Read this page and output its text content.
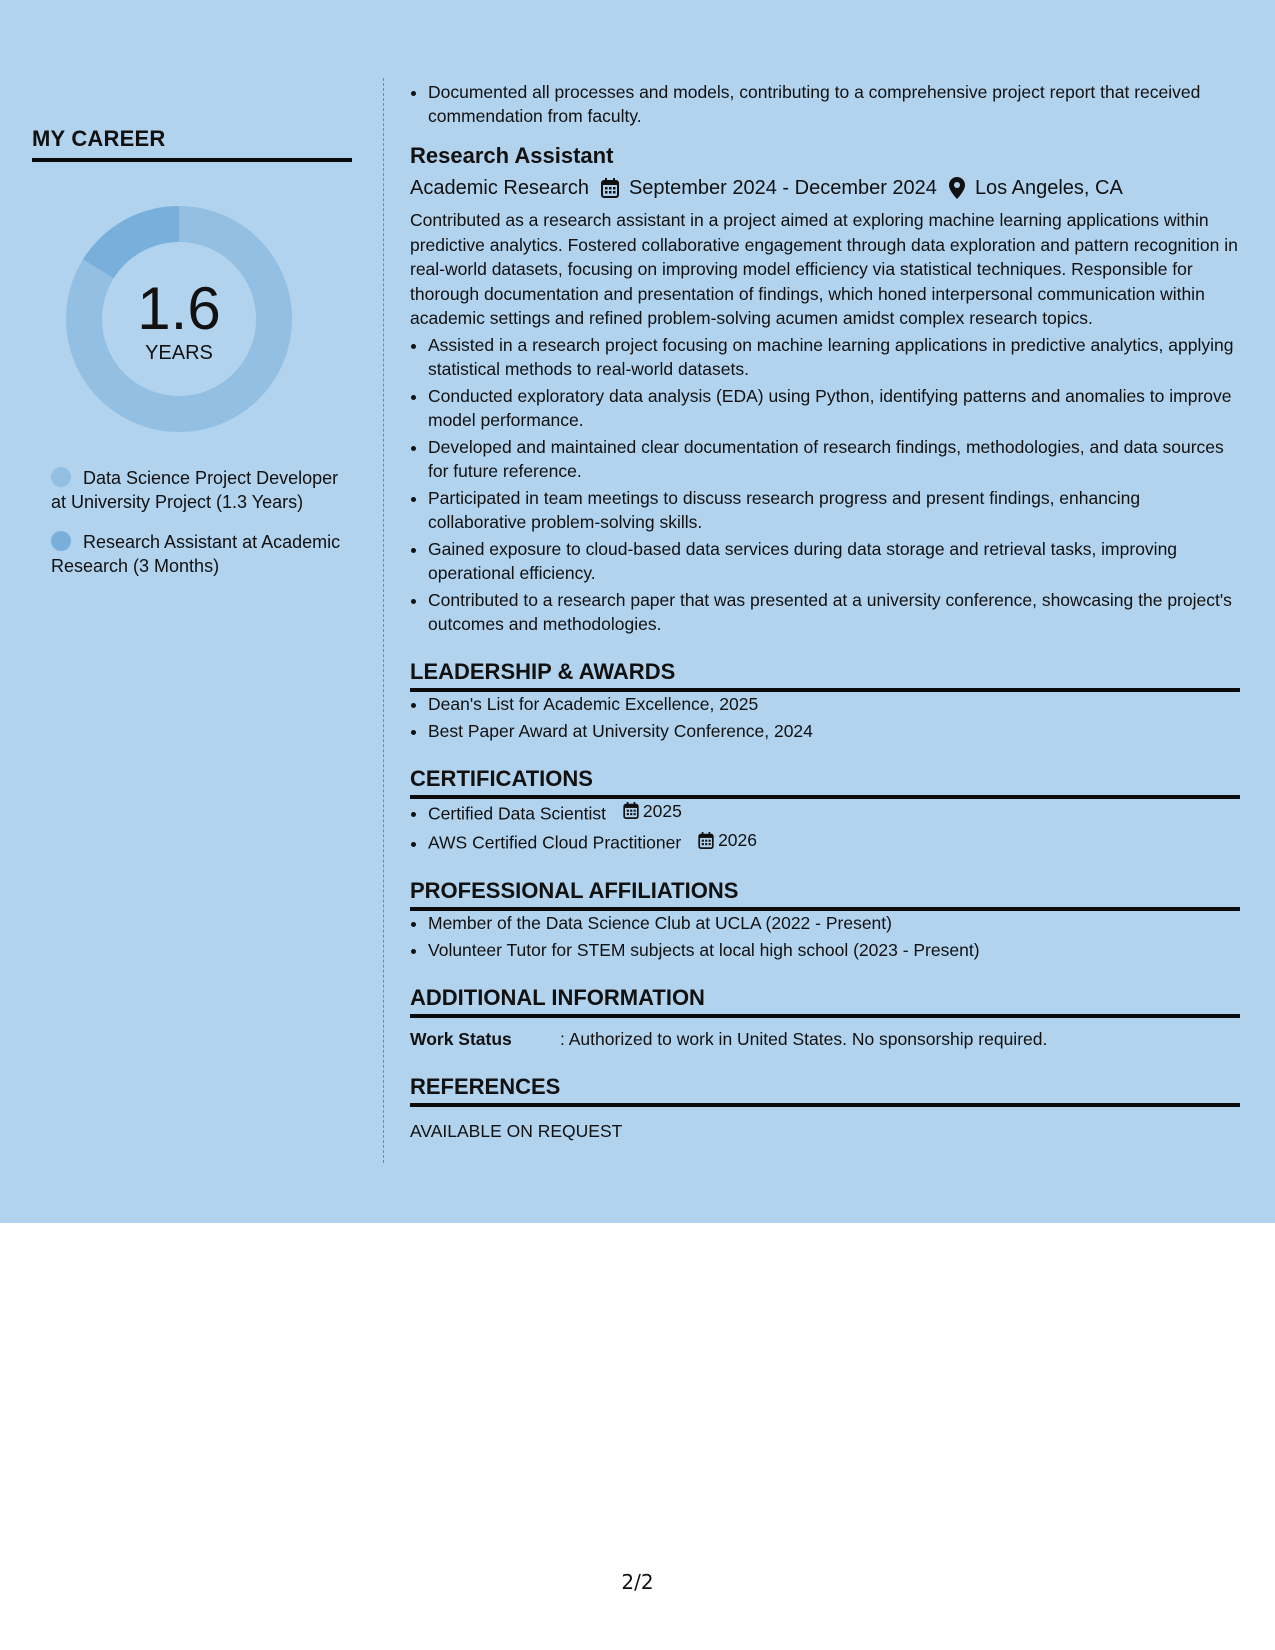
MY CAREER
1.6
YEARS
Data Science Project Developer at University Project (1.3 Years)
Research Assistant at Academic Research (3 Months)
• Documented all processes and models, contributing to a comprehensive project report that received commendation from faculty.
Research Assistant
Academic Research September 2024 - December 2024 Los Angeles, CA

Contributed as a research assistant in a project aimed at exploring machine learning applications within predictive analytics. Fostered collaborative engagement through data exploration and pattern recognition in real-world datasets, focusing on improving model efficiency via statistical techniques. Responsible for thorough documentation and presentation of findings, which honed interpersonal communication within academic settings and refined problem-solving acumen amidst complex research topics.

• Assisted in a research project focusing on machine learning applications in predictive analytics, applying statistical methods to real-world datasets.
• Conducted exploratory data analysis (EDA) using Python, identifying patterns and anomalies to improve model performance.
• Developed and maintained clear documentation of research findings, methodologies, and data sources for future reference.
• Participated in team meetings to discuss research progress and present findings, enhancing collaborative problem-solving skills.
• Gained exposure to cloud-based data services during data storage and retrieval tasks, improving operational efficiency.
• Contributed to a research paper that was presented at a university conference, showcasing the project's outcomes and methodologies.
LEADERSHIP & AWARDS
• Dean's List for Academic Excellence, 2025
• Best Paper Award at University Conference, 2024
CERTIFICATIONS
• Certified Data Scientist 2025
• AWS Certified Cloud Practitioner 2026
PROFESSIONAL AFFILIATIONS
• Member of the Data Science Club at UCLA (2022 - Present)
• Volunteer Tutor for STEM subjects at local high school (2023 - Present)
ADDITIONAL INFORMATION
Work Status	: Authorized to work in United States. No sponsorship required.
REFERENCES
AVAILABLE ON REQUEST
2/2
